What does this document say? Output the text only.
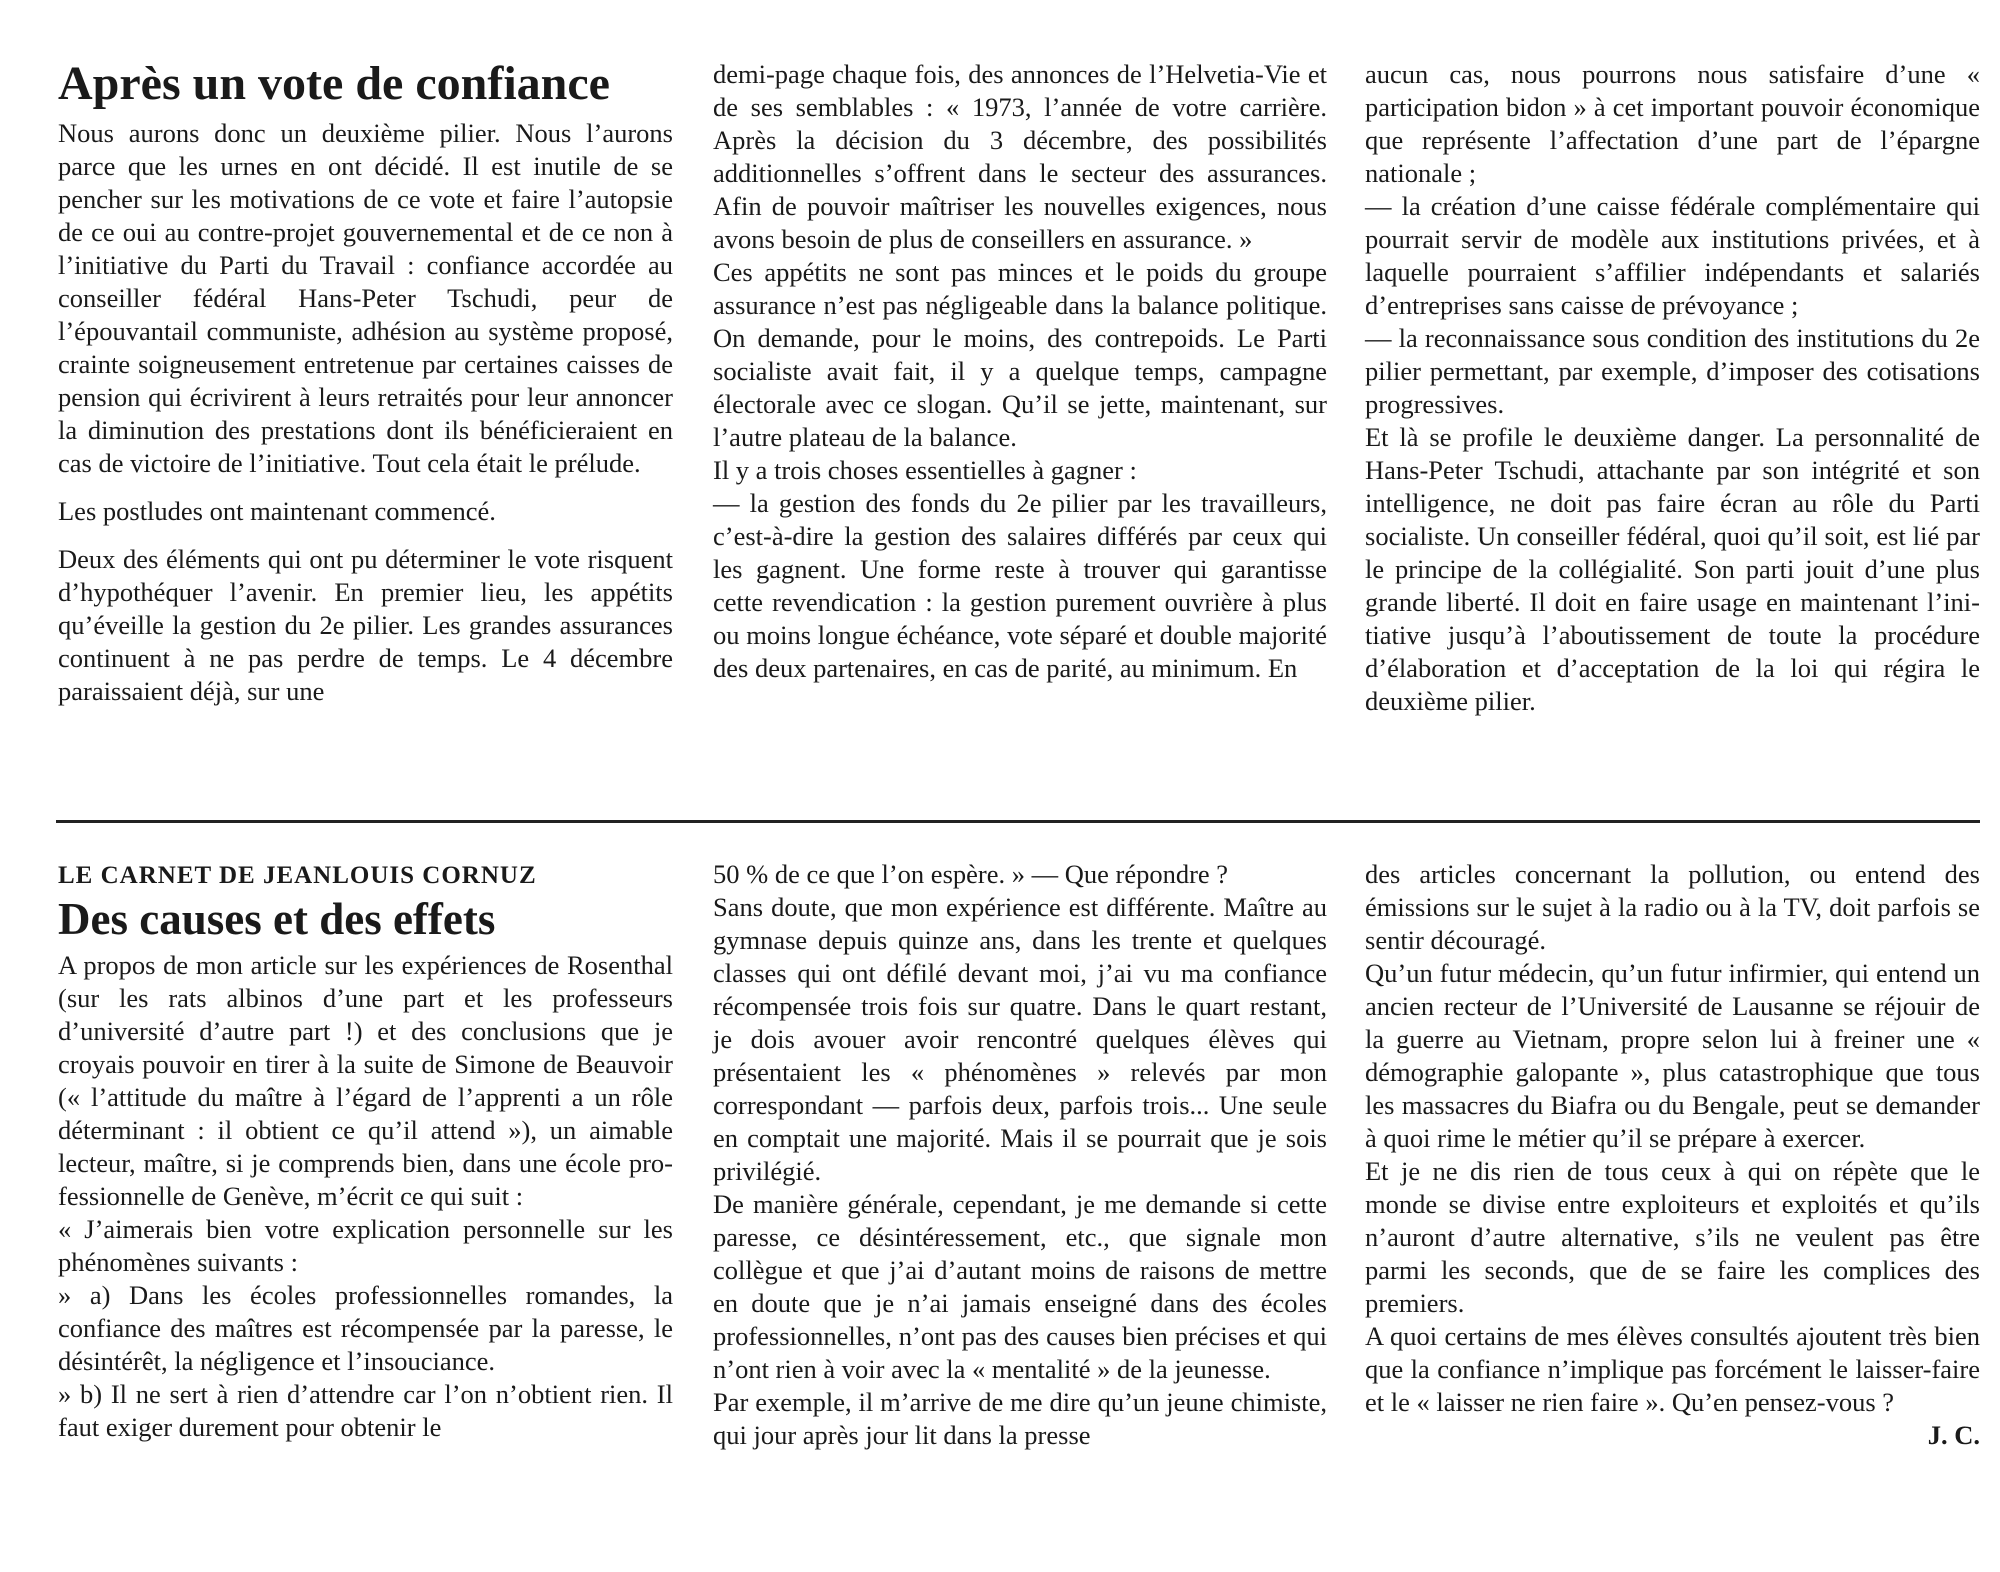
Après un vote de confiance

Nous aurons donc un deuxième pilier. Nous l’aurons parce que les urnes en ont décidé. Il est inutile de se pencher sur les motivations de ce vote et faire l’autopsie de ce oui au contre-projet gouvernemental et de ce non à l’initiative du Parti du Travail : confiance accordée au conseiller fédéral Hans-Peter Tschudi, peur de l’épouvantail communiste, adhésion au système proposé, crainte soigneusement entretenue par certaines caisses de pension qui écrivirent à leurs retraités pour leur annoncer la diminution des prestations dont ils bénéficieraient en cas de victoire de l’initiative. Tout cela était le prélude.

Les postludes ont maintenant commencé.

Deux des éléments qui ont pu déterminer le vote risquent d’hypothéquer l’avenir. En premier lieu, les appétits qu’éveille la gestion du 2e pilier. Les grandes assurances continuent à ne pas perdre de temps. Le 4 décembre paraissaient déjà, sur une

demi-page chaque fois, des annonces de l’Helvetia-Vie et de ses semblables : « 1973, l’année de votre carrière. Après la décision du 3 décembre, des possibilités additionnelles s’offrent dans le secteur des assurances. Afin de pouvoir maîtriser les nouvelles exigences, nous avons besoin de plus de conseillers en assurance. »

Ces appétits ne sont pas minces et le poids du groupe assurance n’est pas négligeable dans la balance politique. On demande, pour le moins, des contrepoids. Le Parti socialiste avait fait, il y a quelque temps, campagne électorale avec ce slogan. Qu’il se jette, maintenant, sur l’autre plateau de la balance.

Il y a trois choses essentielles à gagner :

— la gestion des fonds du 2e pilier par les travailleurs, c’est-à-dire la gestion des salaires différés par ceux qui les gagnent. Une forme reste à trouver qui garantisse cette revendication : la gestion purement ouvrière à plus ou moins longue échéance, vote séparé et double majorité des deux partenaires, en cas de parité, au minimum. En

aucun cas, nous pourrons nous satisfaire d’une « participation bidon » à cet important pouvoir économique que représente l’affectation d’une part de l’épargne nationale ;

— la création d’une caisse fédérale complémentaire qui pourrait servir de modèle aux institutions privées, et à laquelle pourraient s’affilier indépendants et salariés d’entreprises sans caisse de prévoyance ;

— la reconnaissance sous condition des institutions du 2e pilier permettant, par exemple, d’imposer des cotisations progressives.

Et là se profile le deuxième danger. La personnalité de Hans-Peter Tschudi, attachante par son intégrité et son intelligence, ne doit pas faire écran au rôle du Parti socialiste. Un conseiller fédéral, quoi qu’il soit, est lié par le principe de la collégialité. Son parti jouit d’une plus grande liberté. Il doit en faire usage en maintenant l’initiative jusqu’à l’aboutissement de toute la procédure d’élaboration et d’acceptation de la loi qui régira le deuxième pilier.

LE CARNET DE JEANLOUIS CORNUZ
Des causes et des effets

A propos de mon article sur les expériences de Rosenthal (sur les rats albinos d’une part et les professeurs d’université d’autre part !) et des conclusions que je croyais pouvoir en tirer à la suite de Simone de Beauvoir (« l’attitude du maître à l’égard de l’apprenti a un rôle déterminant : il obtient ce qu’il attend »), un aimable lecteur, maître, si je comprends bien, dans une école professionnelle de Genève, m’écrit ce qui suit :

« J’aimerais bien votre explication personnelle sur les phénomènes suivants :

» a) Dans les écoles professionnelles romandes, la confiance des maîtres est récompensée par la paresse, le désintérêt, la négligence et l’insouciance.

» b) Il ne sert à rien d’attendre car l’on n’obtient rien. Il faut exiger durement pour obtenir le

50 % de ce que l’on espère. » — Que répondre ?

Sans doute, que mon expérience est différente. Maître au gymnase depuis quinze ans, dans les trente et quelques classes qui ont défilé devant moi, j’ai vu ma confiance récompensée trois fois sur quatre. Dans le quart restant, je dois avouer avoir rencontré quelques élèves qui présentaient les « phénomènes » relevés par mon correspondant — parfois deux, parfois trois... Une seule en comptait une majorité. Mais il se pourrait que je sois privilégié.

De manière générale, cependant, je me demande si cette paresse, ce désintéressement, etc., que signale mon collègue et que j’ai d’autant moins de raisons de mettre en doute que je n’ai jamais enseigné dans des écoles professionnelles, n’ont pas des causes bien précises et qui n’ont rien à voir avec la « mentalité » de la jeunesse.

Par exemple, il m’arrive de me dire qu’un jeune chimiste, qui jour après jour lit dans la presse

des articles concernant la pollution, ou entend des émissions sur le sujet à la radio ou à la TV, doit parfois se sentir découragé.

Qu’un futur médecin, qu’un futur infirmier, qui entend un ancien recteur de l’Université de Lausanne se réjouir de la guerre au Vietnam, propre selon lui à freiner une « démographie galopante », plus catastrophique que tous les massacres du Biafra ou du Bengale, peut se demander à quoi rime le métier qu’il se prépare à exercer.

Et je ne dis rien de tous ceux à qui on répète que le monde se divise entre exploiteurs et exploités et qu’ils n’auront d’autre alternative, s’ils ne veulent pas être parmi les seconds, que de se faire les complices des premiers.

A quoi certains de mes élèves consultés ajoutent très bien que la confiance n’implique pas forcément le laisser-faire et le « laisser ne rien faire ». Qu’en pensez-vous ?

J. C.
